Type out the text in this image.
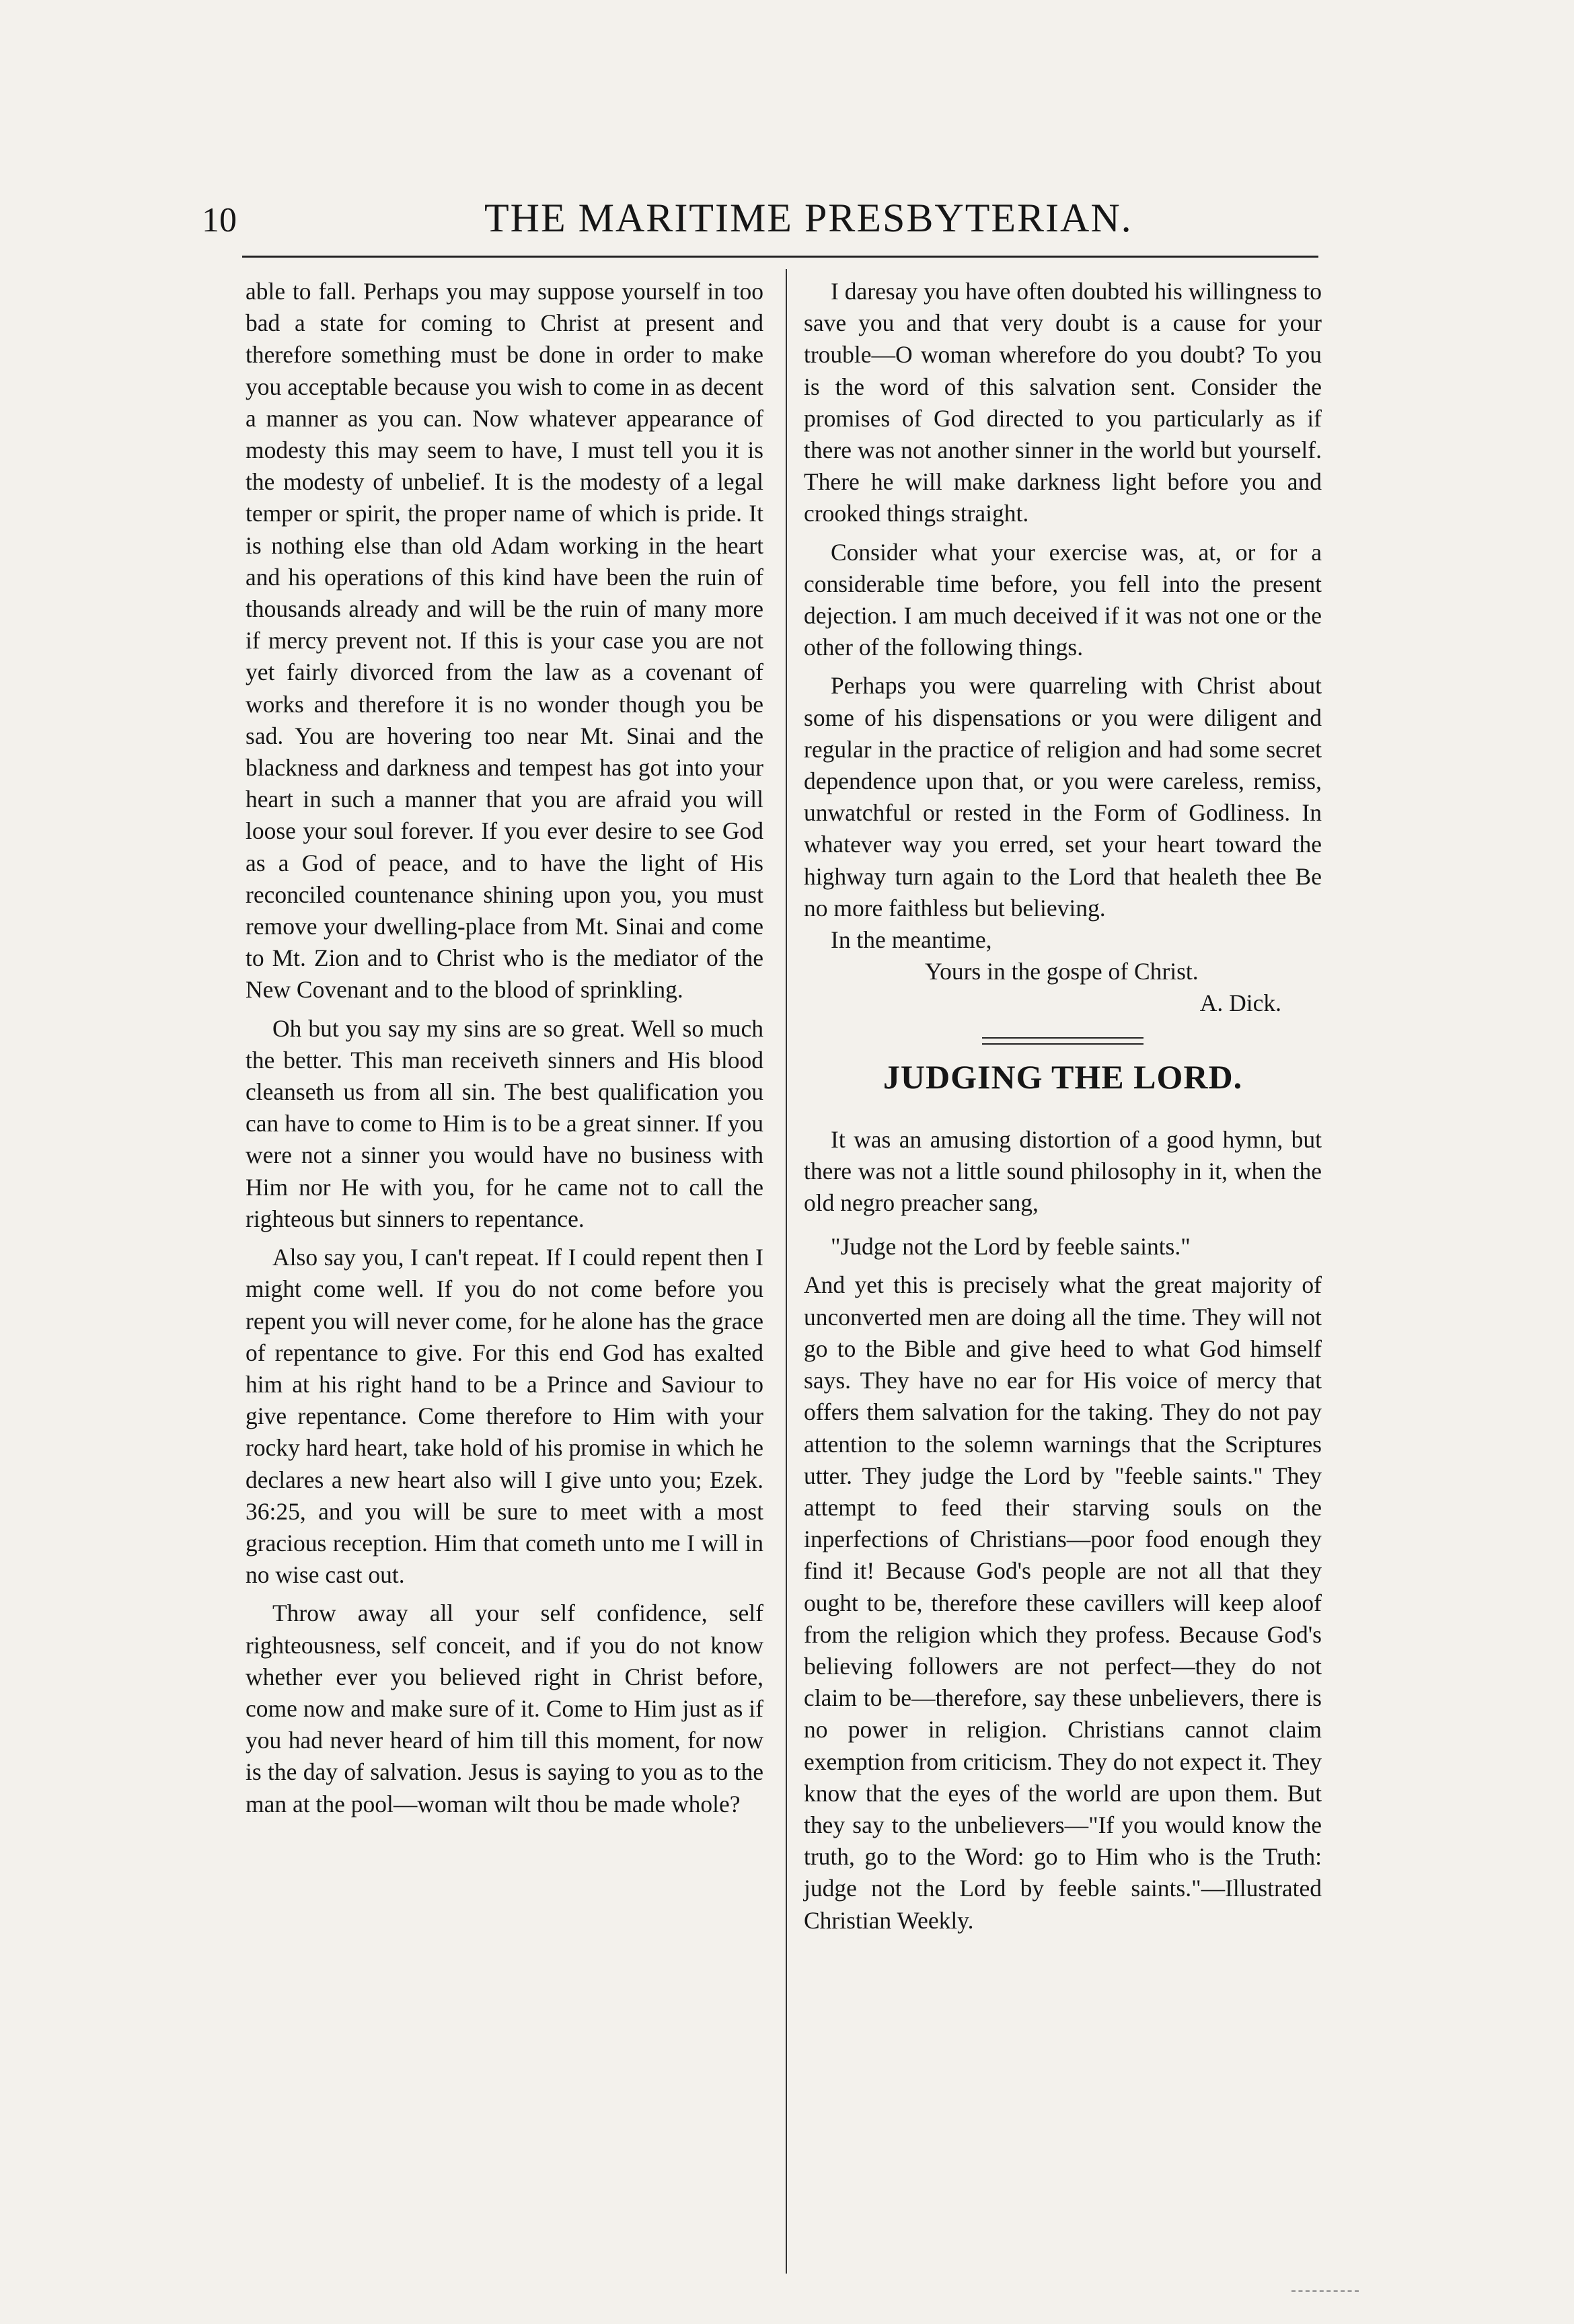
10	THE MARITIME PRESBYTERIAN.

able to fall. Perhaps you may suppose yourself in too bad a state for coming to Christ at present and therefore something must be done in order to make you acceptable because you wish to come in as decent a manner as you can. Now whatever appearance of modesty this may seem to have, I must tell you it is the modesty of unbelief. It is the modesty of a legal temper or spirit, the proper name of which is pride. It is nothing else than old Adam working in the heart and his operations of this kind have been the ruin of thousands already and will be the ruin of many more if mercy prevent not. If this is your case you are not yet fairly divorced from the law as a covenant of works and therefore it is no wonder though you be sad. You are hovering too near Mt. Sinai and the blackness and darkness and tempest has got into your heart in such a manner that you are afraid you will loose your soul forever. If you ever desire to see God as a God of peace, and to have the light of His reconciled countenance shining upon you, you must remove your dwelling-place from Mt. Sinai and come to Mt. Zion and to Christ who is the mediator of the New Covenant and to the blood of sprinkling.

Oh but you say my sins are so great. Well so much the better. This man receiveth sinners and His blood cleanseth us from all sin. The best qualification you can have to come to Him is to be a great sinner. If you were not a sinner you would have no business with Him nor He with you, for he came not to call the righteous but sinners to repentance.

Also say you, I can't repeat. If I could repent then I might come well. If you do not come before you repent you will never come, for he alone has the grace of repentance to give. For this end God has exalted him at his right hand to be a Prince and Saviour to give repentance. Come therefore to Him with your rocky hard heart, take hold of his promise in which he declares a new heart also will I give unto you; Ezek. 36:25, and you will be sure to meet with a most gracious reception. Him that cometh unto me I will in no wise cast out.

Throw away all your self confidence, self righteousness, self conceit, and if you do not know whether ever you believed right in Christ before, come now and make sure of it. Come to Him just as if you had never heard of him till this moment, for now is the day of salvation. Jesus is saying to you as to the man at the pool—woman wilt thou be made whole?

I daresay you have often doubted his willingness to save you and that very doubt is a cause for your trouble—O woman wherefore do you doubt? To you is the word of this salvation sent. Consider the promises of God directed to you particularly as if there was not another sinner in the world but yourself. There he will make darkness light before you and crooked things straight.

Consider what your exercise was, at, or for a considerable time before, you fell into the present dejection. I am much deceived if it was not one or the other of the following things.

Perhaps you were quarreling with Christ about some of his dispensations or you were diligent and regular in the practice of religion and had some secret dependence upon that, or you were careless, remiss, unwatchful or rested in the Form of Godliness. In whatever way you erred, set your heart toward the highway turn again to the Lord that healeth thee Be no more faithless but believing.

In the meantime,

Yours in the gospe of Christ.

A. Dick.

JUDGING THE LORD.

It was an amusing distortion of a good hymn, but there was not a little sound philosophy in it, when the old negro preacher sang,

"Judge not the Lord by feeble saints."

And yet this is precisely what the great majority of unconverted men are doing all the time. They will not go to the Bible and give heed to what God himself says. They have no ear for His voice of mercy that offers them salvation for the taking. They do not pay attention to the solemn warnings that the Scriptures utter. They judge the Lord by "feeble saints." They attempt to feed their starving souls on the inperfections of Christians—poor food enough they find it! Because God's people are not all that they ought to be, therefore these cavillers will keep aloof from the religion which they profess. Because God's believing followers are not perfect—they do not claim to be—therefore, say these unbelievers, there is no power in religion. Christians cannot claim exemption from criticism. They do not expect it. They know that the eyes of the world are upon them. But they say to the unbelievers—"If you would know the truth, go to the Word: go to Him who is the Truth: judge not the Lord by feeble saints."—Illustrated Christian Weekly.
